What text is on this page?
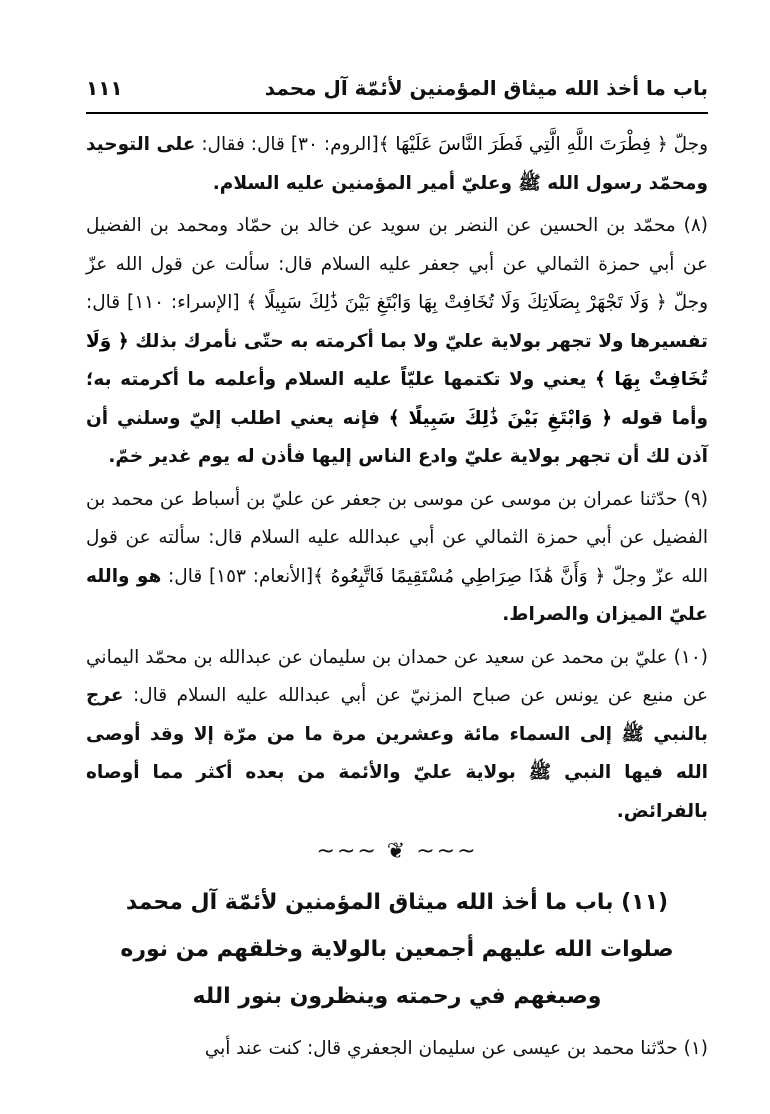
باب ما أخذ الله ميثاق المؤمنين لأئمّة آل محمد
١١١

وجلّ ﴿ فِطْرَتَ اللَّهِ الَّتِي فَطَرَ النَّاسَ عَلَيْهَا ﴾[الروم: ٣٠] قال: فقال: على التوحيد ومحمّد رسول الله ﷺ وعليّ أمير المؤمنين عليه السلام.

(٨) محمّد بن الحسين عن النضر بن سويد عن خالد بن حمّاد ومحمد بن الفضيل عن أبي حمزة الثمالي عن أبي جعفر عليه السلام قال: سألت عن قول الله عزّ وجلّ ﴿ وَلَا تَجْهَرْ بِصَلَاتِكَ وَلَا تُخَافِتْ بِهَا وَابْتَغِ بَيْنَ ذَٰلِكَ سَبِيلًا ﴾ [الإسراء: ١١٠] قال: تفسيرها ولا تجهر بولاية عليّ ولا بما أكرمته به حتّى نأمرك بذلك ﴿ وَلَا تُخَافِتْ بِهَا ﴾ يعني ولا تكتمها عليّاً عليه السلام وأعلمه ما أكرمته به؛ وأما قوله ﴿ وَابْتَغِ بَيْنَ ذَٰلِكَ سَبِيلًا ﴾ فإنه يعني اطلب إليّ وسلني أن آذن لك أن تجهر بولاية عليّ وادع الناس إليها فأذن له يوم غدير خمّ.

(٩) حدّثنا عمران بن موسى عن موسى بن جعفر عن عليّ بن أسباط عن محمد بن الفضيل عن أبي حمزة الثمالي عن أبي عبدالله عليه السلام قال: سألته عن قول الله عزّ وجلّ ﴿ وَأَنَّ هَٰذَا صِرَاطِي مُسْتَقِيمًا فَاتَّبِعُوهُ ﴾[الأنعام: ١٥٣] قال: هو والله عليّ الميزان والصراط.

(١٠) عليّ بن محمد عن سعيد عن حمدان بن سليمان عن عبدالله بن محمّد اليماني عن منيع عن يونس عن صباح المزنيّ عن أبي عبدالله عليه السلام قال: عرج بالنبي ﷺ إلى السماء مائة وعشرين مرة ما من مرّة إلا وقد أوصى الله فيها النبي ﷺ بولاية عليّ والأئمة من بعده أكثر مما أوصاه بالفرائض.

~~~ ❦ ~~~
(١١) باب ما أخذ الله ميثاق المؤمنين لأئمّة آل محمد صلوات الله عليهم أجمعين بالولاية وخلقهم من نوره وصبغهم في رحمته وينظرون بنور الله

(١) حدّثنا محمد بن عيسى عن سليمان الجعفري قال: كنت عند أبي
